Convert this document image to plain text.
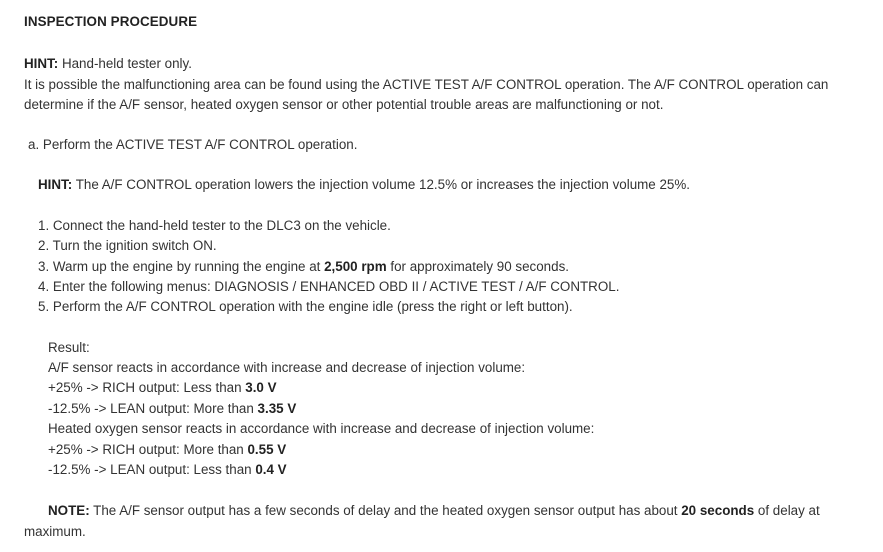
INSPECTION PROCEDURE
HINT: Hand-held tester only.
It is possible the malfunctioning area can be found using the ACTIVE TEST A/F CONTROL operation. The A/F CONTROL operation can
determine if the A/F sensor, heated oxygen sensor or other potential trouble areas are malfunctioning or not.
a. Perform the ACTIVE TEST A/F CONTROL operation.
HINT: The A/F CONTROL operation lowers the injection volume 12.5% or increases the injection volume 25%.
1. Connect the hand-held tester to the DLC3 on the vehicle.
2. Turn the ignition switch ON.
3. Warm up the engine by running the engine at 2,500 rpm for approximately 90 seconds.
4. Enter the following menus: DIAGNOSIS / ENHANCED OBD II / ACTIVE TEST / A/F CONTROL.
5. Perform the A/F CONTROL operation with the engine idle (press the right or left button).
Result:
A/F sensor reacts in accordance with increase and decrease of injection volume:
+25% -> RICH output: Less than 3.0 V
-12.5% -> LEAN output: More than 3.35 V
Heated oxygen sensor reacts in accordance with increase and decrease of injection volume:
+25% -> RICH output: More than 0.55 V
-12.5% -> LEAN output: Less than 0.4 V
NOTE: The A/F sensor output has a few seconds of delay and the heated oxygen sensor output has about 20 seconds of delay at
maximum.
